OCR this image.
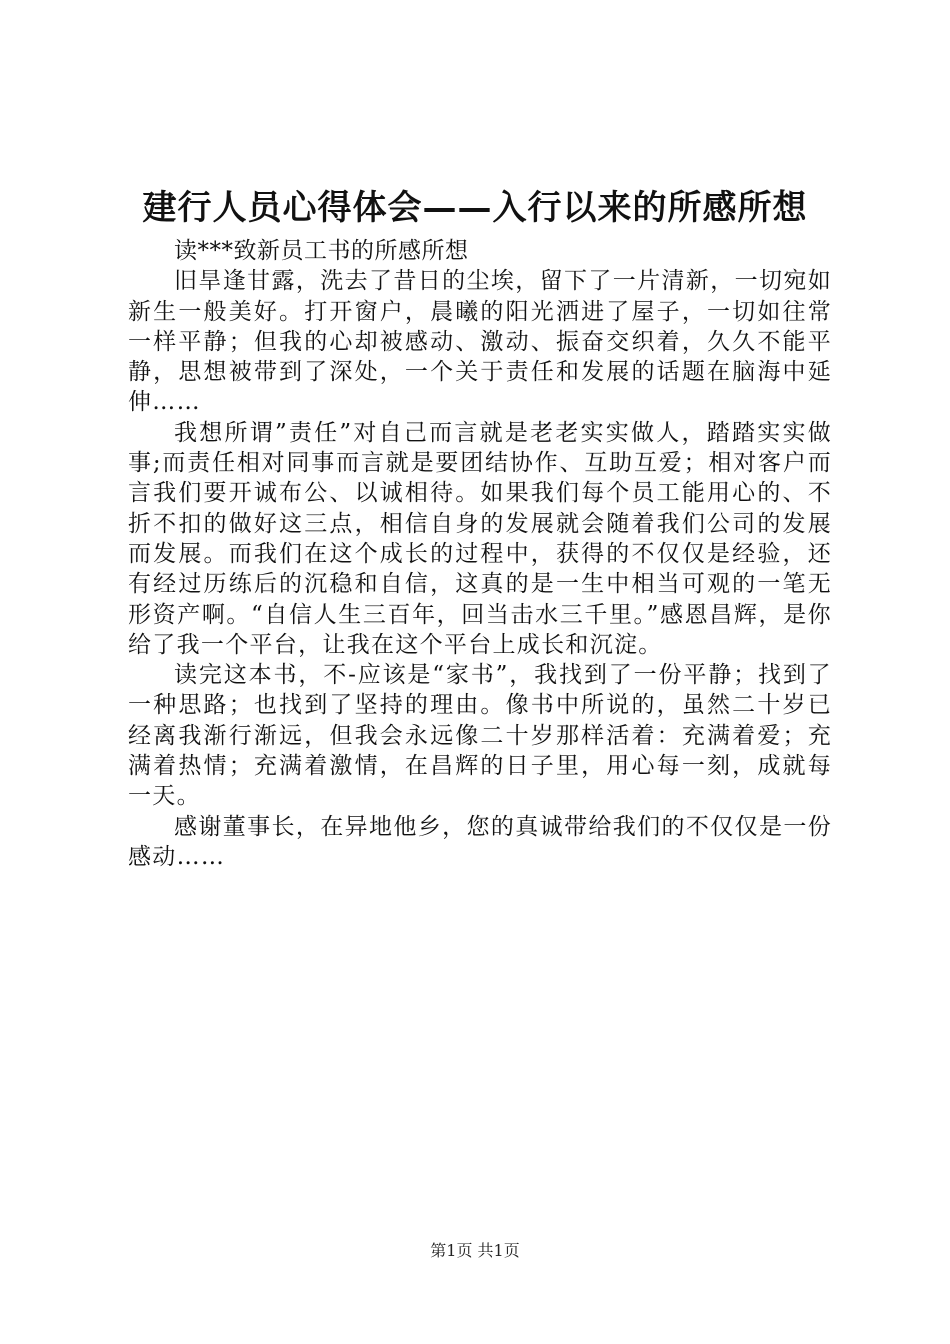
建行人员心得体会——入行以来的所感所想

读***致新员工书的所感所想

旧旱逢甘露，洗去了昔日的尘埃，留下了一片清新，一切宛如新生一般美好。打开窗户，晨曦的阳光洒进了屋子，一切如往常一样平静；但我的心却被感动、激动、振奋交织着，久久不能平静，思想被带到了深处，一个关于责任和发展的话题在脑海中延伸……

我想所谓”责任”对自己而言就是老老实实做人，踏踏实实做事;而责任相对同事而言就是要团结协作、互助互爱；相对客户而言我们要开诚布公、以诚相待。如果我们每个员工能用心的、不折不扣的做好这三点，相信自身的发展就会随着我们公司的发展而发展。而我们在这个成长的过程中，获得的不仅仅是经验，还有经过历练后的沉稳和自信，这真的是一生中相当可观的一笔无形资产啊。“自信人生三百年，回当击水三千里。”感恩昌辉，是你给了我一个平台，让我在这个平台上成长和沉淀。

读完这本书，不-应该是“家书”，我找到了一份平静；找到了一种思路；也找到了坚持的理由。像书中所说的，虽然二十岁已经离我渐行渐远，但我会永远像二十岁那样活着：充满着爱；充满着热情；充满着激情，在昌辉的日子里，用心每一刻，成就每一天。

感谢董事长，在异地他乡，您的真诚带给我们的不仅仅是一份感动……

第1页 共1页
